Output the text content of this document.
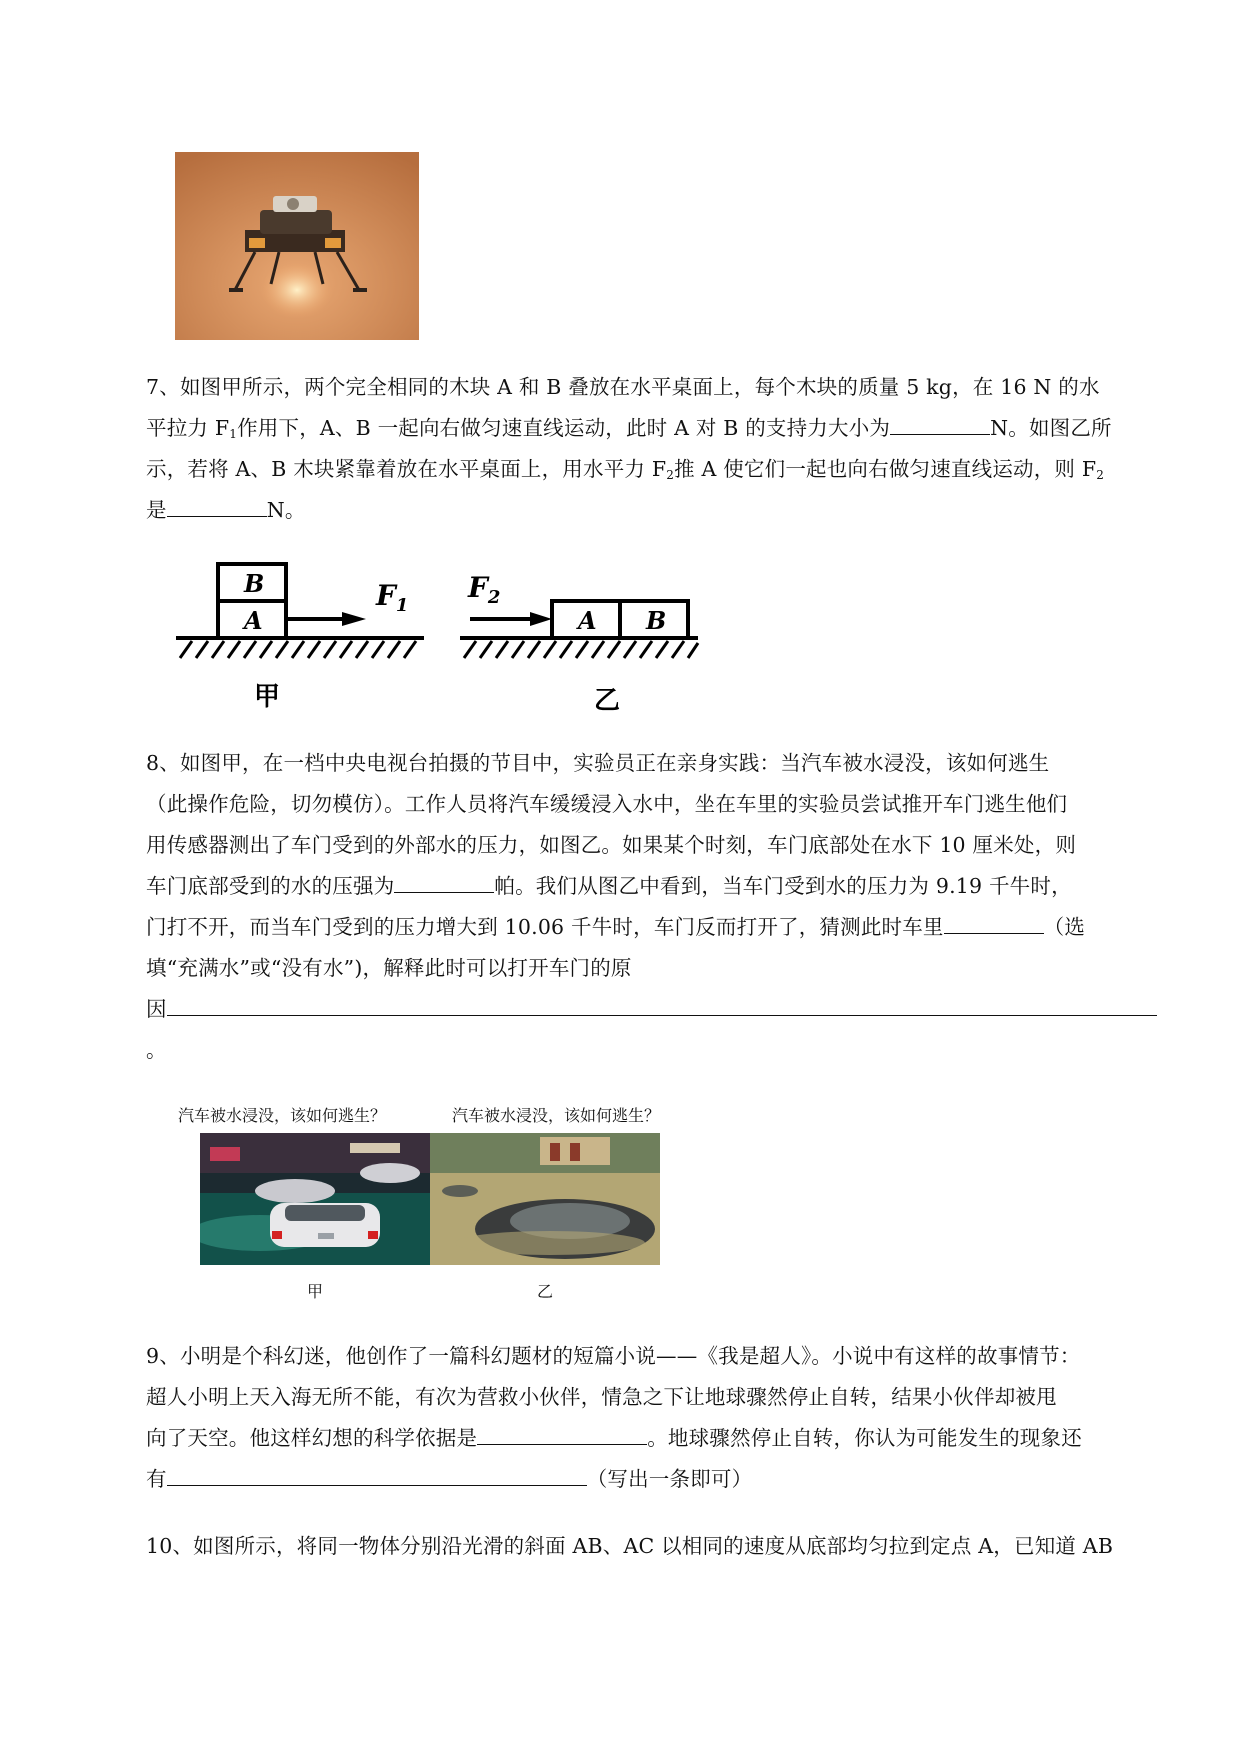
7、如图甲所示，两个完全相同的木块 A 和 B 叠放在水平桌面上，每个木块的质量 5 kg，在 16 N 的水
平拉力 $F_1$作用下，A、B 一起向右做匀速直线运动，此时 A 对 B 的支持力大小为	N。如图乙所
示，若将 A、B 木块紧靠着放在水平桌面上，用水平力 $F_2$推 A 使它们一起也向右做匀速直线运动，则 $F_2$
是	N。
A
B	$F_1$
甲
A B
$F_2$
乙
8、如图甲，在一档中央电视台拍摄的节目中，实验员正在亲身实践：当汽车被水浸没，该如何逃生
（此操作危险，切勿模仿）。工作人员将汽车缓缓浸入水中，坐在车里的实验员尝试推开车门逃生他们
用传感器测出了车门受到的外部水的压力，如图乙。如果某个时刻，车门底部处在水下 10 厘米处，则
车门底部受到的水的压强为	帕。我们从图乙中看到，当车门受到水的压力为 9.19 千牛时，
门打不开，而当车门受到的压力增大到 10.06 千牛时，车门反而打开了，猜测此时车里	（选
填“充满水”或“没有水”)，解释此时可以打开车门的原
因
。
汽车被水浸没，该如何逃生？	汽车被水浸没，该如何逃生？
甲	乙
9、小明是个科幻迷，他创作了一篇科幻题材的短篇小说——《我是超人》。小说中有这样的故事情节：
超人小明上天入海无所不能，有次为营救小伙伴，情急之下让地球骤然停止自转，结果小伙伴却被甩
向了天空。他这样幻想的科学依据是	。地球骤然停止自转，你认为可能发生的现象还
有	（写出一条即可）
10、如图所示，将同一物体分别沿光滑的斜面 AB、AC 以相同的速度从底部均匀拉到定点 A，已知道 AB
